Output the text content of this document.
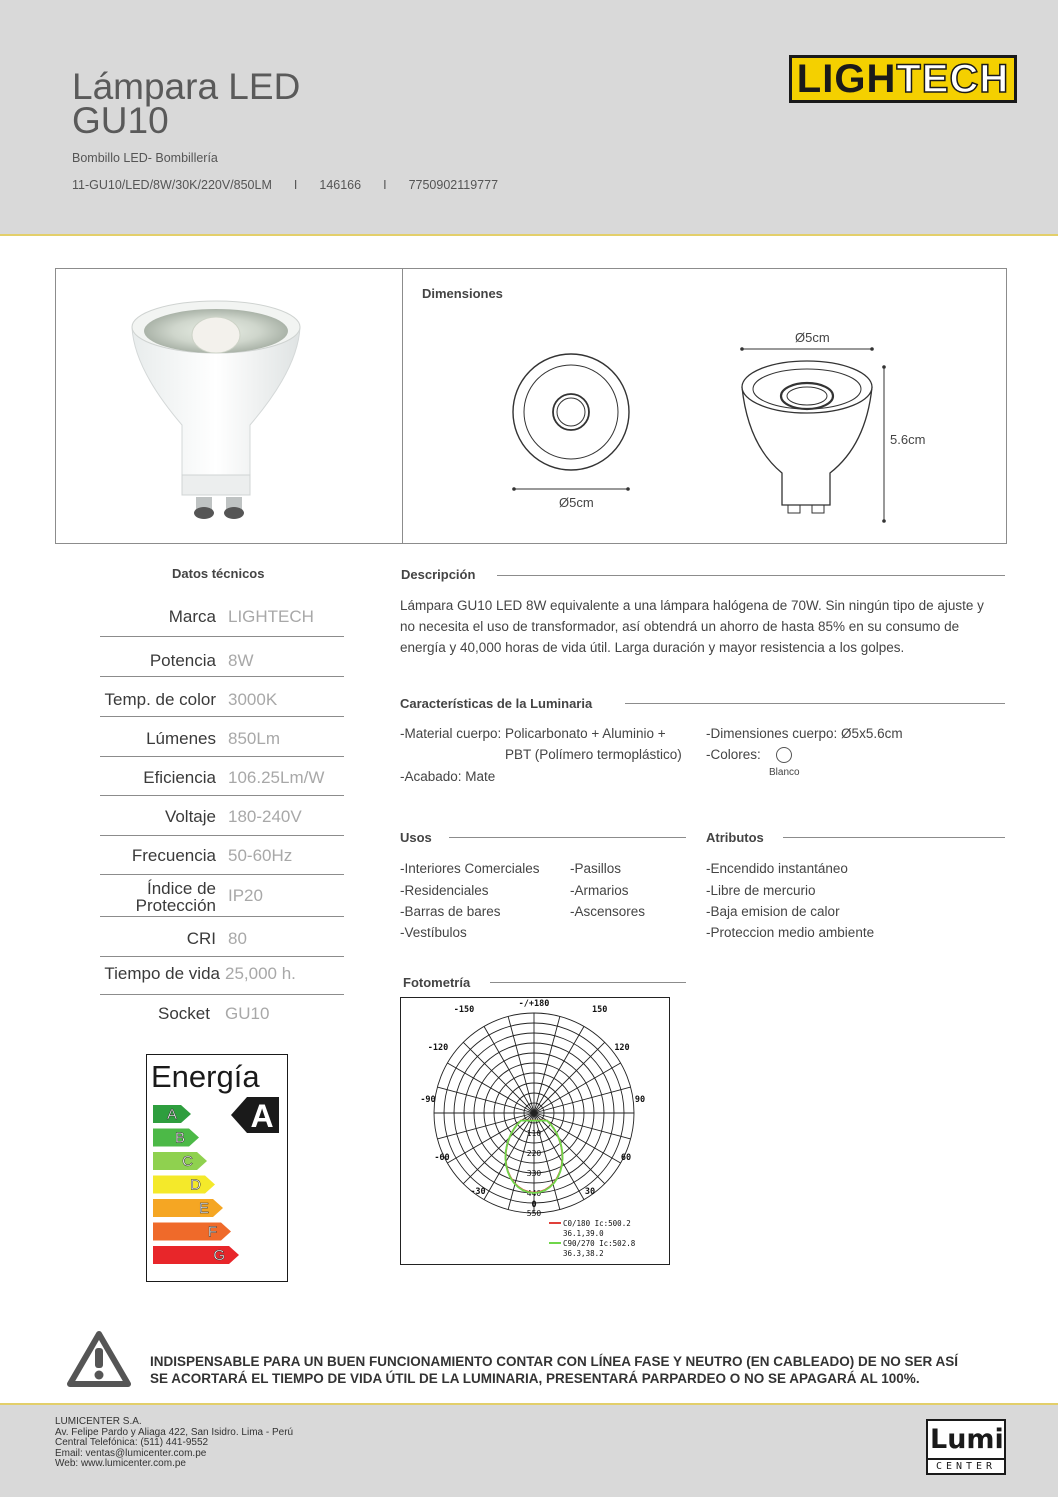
Lámpara LED
GU10
Bombillo LED- Bombillería
11-GU10/LED/8W/30K/220V/850LM I 146166 I 7750902119777
LIGHTECH
Dimensiones
Ø5cm
Ø5cm
5.6cm
Datos técnicos
Marca LIGHTECH
Potencia 8W
Temp. de color 3000K
Lúmenes 850Lm
Eficiencia 106.25Lm/W
Voltaje 180-240V
Frecuencia 50-60Hz
Índice de
Protección
IP20
CRI 80
Tiempo de vida 25,000 h.
Socket GU10
Energía
A
B
C
D
E
F
G
A
Descripción
Lámpara GU10 LED 8W equivalente a una lámpara halógena de 70W. Sin ningún tipo de ajuste y
no necesita el uso de transformador, así obtendrá un ahorro de hasta 85% en su consumo de
energía y 40,000 horas de vida útil. Larga duración y mayor resistencia a los golpes.
Características de la Luminaria
-Material cuerpo: Policarbonato + Aluminio +
PBT (Polímero termoplástico)
-Acabado: Mate
-Dimensiones cuerpo: Ø5x5.6cm
-Colores:
Blanco
Usos
-Interiores Comerciales
-Residenciales
-Barras de bares
-Vestíbulos
-Pasillos
-Armarios
-Ascensores
Atributos
-Encendido instantáneo
-Libre de mercurio
-Baja emision de calor
-Proteccion medio ambiente
Fotometría
-/+180
-150	150
-120	120
-90	90
-60	60
-30	30
0
110
220
330
440
550
C0/180 Ic:500.2
36.1,39.0
C90/270 Ic:502.8
36.3,38.2
INDISPENSABLE PARA UN BUEN FUNCIONAMIENTO CONTAR CON LÍNEA FASE Y NEUTRO (EN CABLEADO) DE NO SER ASÍ
SE ACORTARÁ EL TIEMPO DE VIDA ÚTIL DE LA LUMINARIA, PRESENTARÁ PARPARDEO O NO SE APAGARÁ AL 100%.
LUMICENTER S.A.
Av. Felipe Pardo y Aliaga 422, San Isidro. Lima - Perú
Central Telefónica: (511) 441-9552
Email: ventas@lumicenter.com.pe
Web: www.lumicenter.com.pe
Lumi
CENTER
